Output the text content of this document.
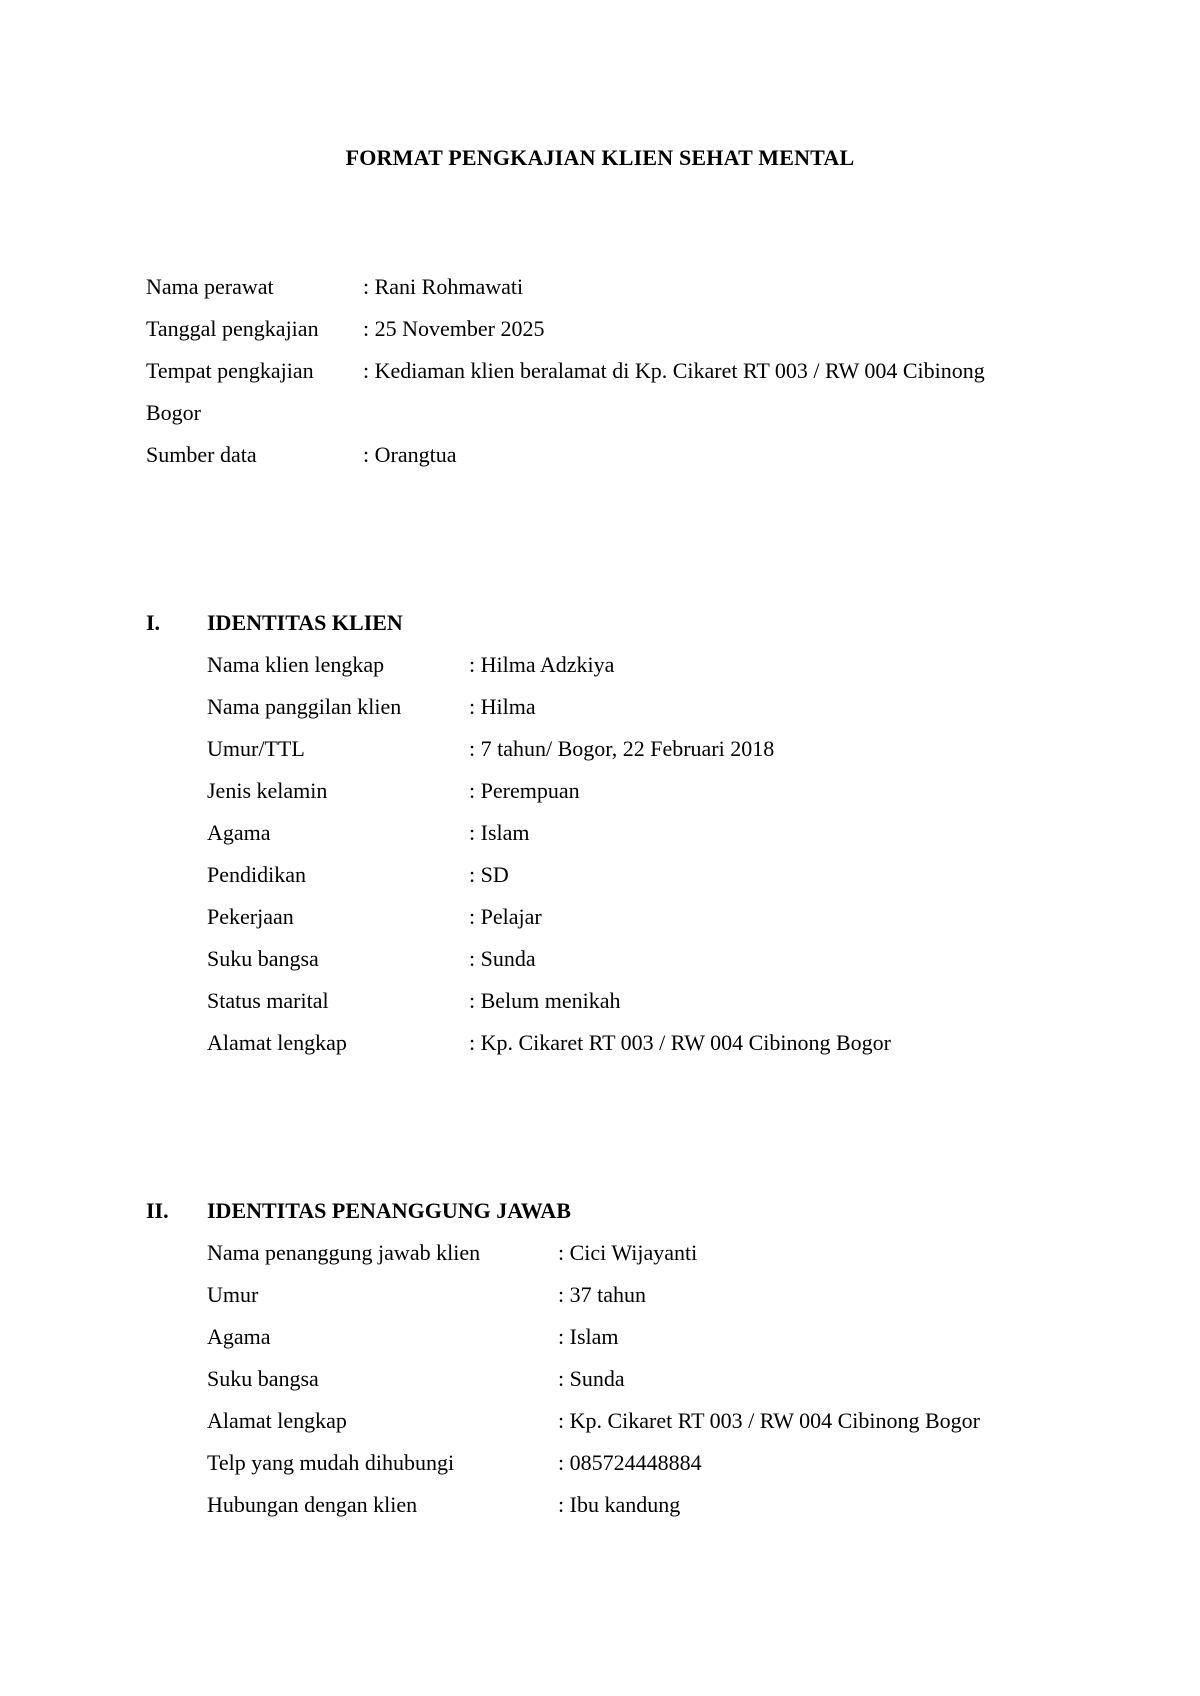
FORMAT PENGKAJIAN KLIEN SEHAT MENTAL
Nama perawat	: Rani Rohmawati
Tanggal pengkajian : 25 November 2025
Tempat pengkajian : Kediaman klien beralamat di Kp. Cikaret RT 003 / RW 004 Cibinong
Bogor
Sumber data	: Orangtua
I. IDENTITAS KLIEN
Nama klien lengkap	: Hilma Adzkiya
Nama panggilan klien	: Hilma
Umur/TTL	: 7 tahun/ Bogor, 22 Februari 2018
Jenis kelamin	: Perempuan
Agama	: Islam
Pendidikan	: SD
Pekerjaan	: Pelajar
Suku bangsa	: Sunda
Status marital	: Belum menikah
Alamat lengkap	: Kp. Cikaret RT 003 / RW 004 Cibinong Bogor
II. IDENTITAS PENANGGUNG JAWAB
Nama penanggung jawab klien	: Cici Wijayanti
Umur	: 37 tahun
Agama	: Islam
Suku bangsa	: Sunda
Alamat lengkap	: Kp. Cikaret RT 003 / RW 004 Cibinong Bogor
Telp yang mudah dihubungi	: 085724448884
Hubungan dengan klien	: Ibu kandung
